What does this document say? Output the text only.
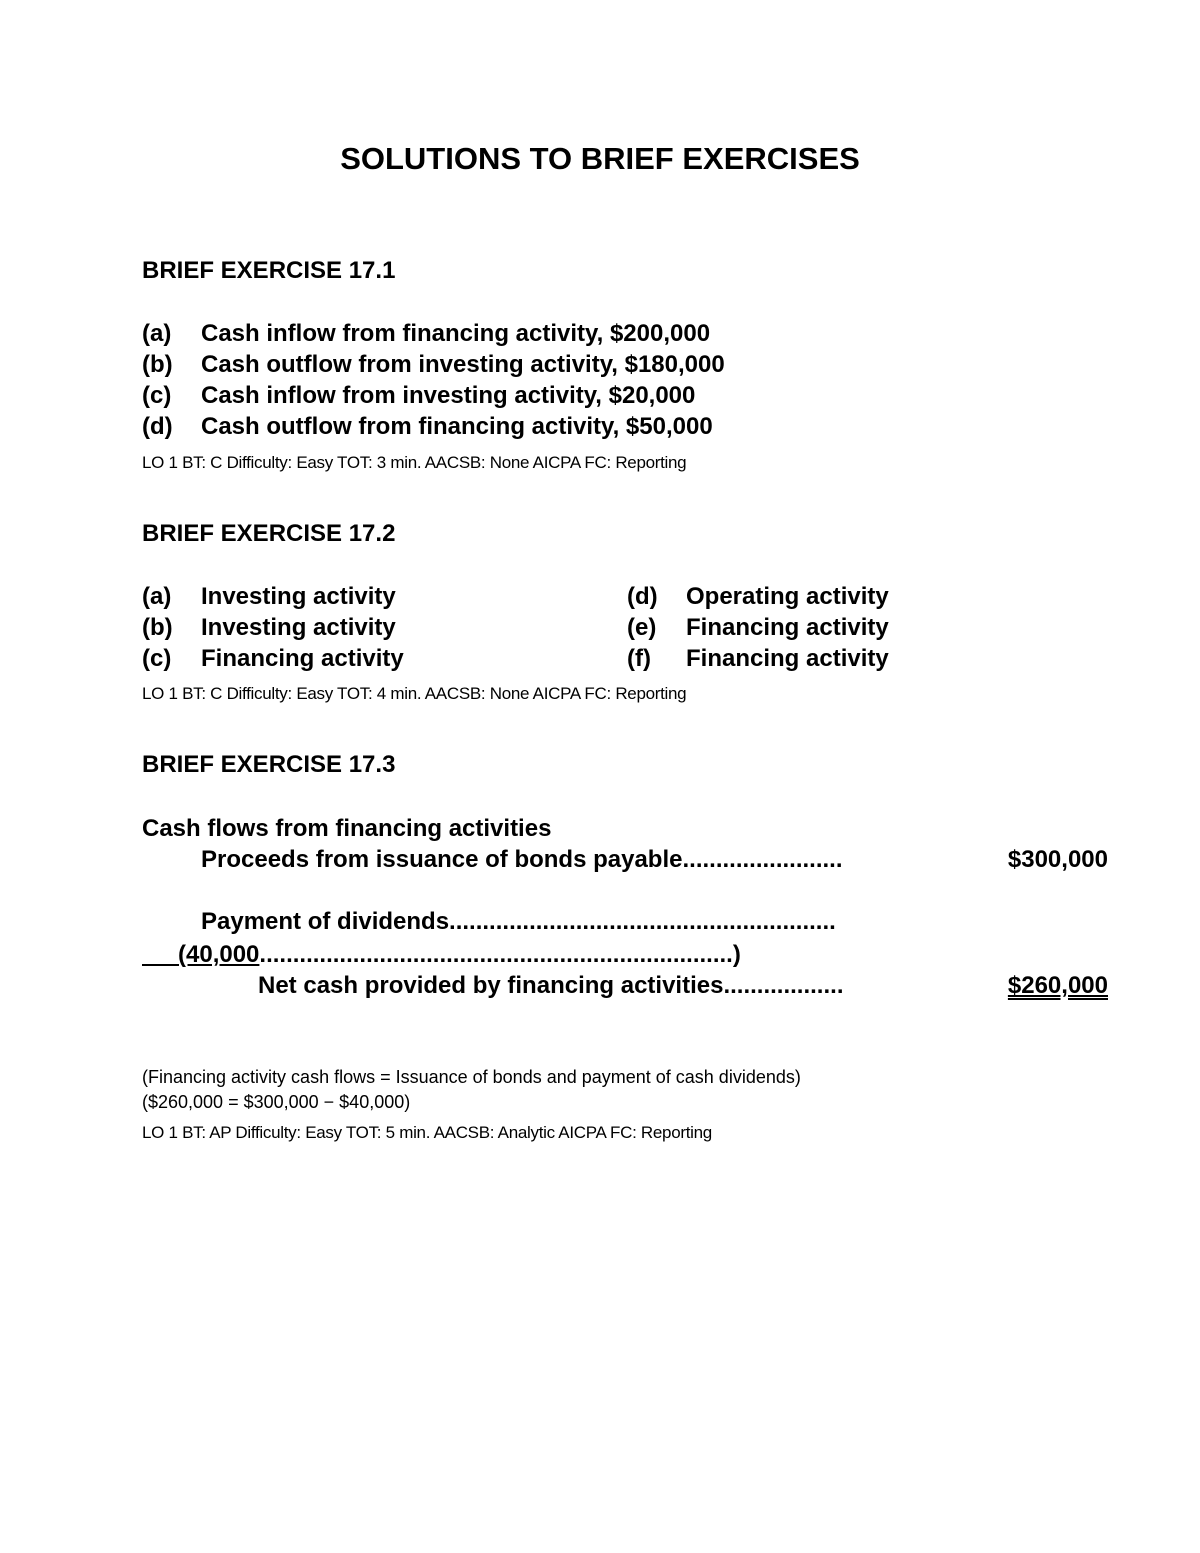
SOLUTIONS TO BRIEF EXERCISES
BRIEF EXERCISE 17.1
(a) Cash inflow from financing activity, $200,000
(b) Cash outflow from investing activity, $180,000
(c) Cash inflow from investing activity, $20,000
(d) Cash outflow from financing activity, $50,000
LO 1 BT: C Difficulty: Easy TOT: 3 min. AACSB: None AICPA FC: Reporting
BRIEF EXERCISE 17.2
(a) Investing activity	(d) Operating activity
(b) Investing activity	(e) Financing activity
(c) Financing activity	(f) Financing activity
LO 1 BT: C Difficulty: Easy TOT: 4 min. AACSB: None AICPA FC: Reporting
BRIEF EXERCISE 17.3
Cash flows from financing activities
Proceeds from issuance of bonds payable........................	$300,000
Payment of dividends..........................................................
  (40,000.......................................................................)
Net cash provided by financing activities..................	$260,000
(Financing activity cash flows = Issuance of bonds and payment of cash dividends)
($260,000 = $300,000 − $40,000)
LO 1 BT: AP Difficulty: Easy TOT: 5 min. AACSB: Analytic AICPA FC: Reporting
